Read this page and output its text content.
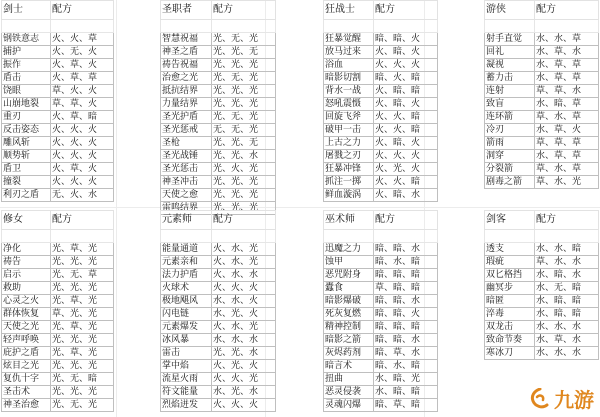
剑士	配方

钢铁意志	火、火、草
捕护	火、无、火
振作	火、草、火
盾击	火、草、草
饶眼	草、火、火
山崩地裂	草、草、火
重刃	火、草、暗
反击姿态	火、火、火
雕风斩	火、火、火
顺势斩	火、火、火
盾卫	火、草、火
撞裂	火、火、火
利刃之盾	无、火、水
圣职者	配方

智慧祝福	光、无、光
神圣之盾	光、光、无
祷告祝福	光、光、光
治愈之光	光、无、光
抵抗结界	光、光、光
力量结界	光、光、光
圣光护盾	光、无、光
圣光惩戒	无、无、光
圣枪	光、光、无
圣光战锤	光、光、水
圣光惩击	光、火、光
神圣冲击	光、光、光
天使之愈	光、光、光
雷鸣结界	光、光、光
狂战士	配方

狂暴觉醒	暗、暗、火
放马过来	火、暗、火
浴血	火、火、火
暗影切割	暗、火、暗
背水一战	火、暗、暗
怒吼震慑	火、暗、火
回旋飞斧	火、火、暗
破甲一击	火、火、暗
上古之力	火、暗、火
屠戮之刃	火、火、火
狂暴冲锋	火、光、火
抓注一掷	火、火、暗
鲜血漩涡	火、暗、水
游侠	配方

射手直觉	水、水、草
回礼	水、草、水
凝视	水、草、草
蓄力击	水、草、草
连射	草、草、水
致盲	水、暗、草
连环箭	草、水、草
冷刃	水、草、火
箭雨	草、草、草
洞穿	水、草、草
分裂箭	草、水、草
剧毒之箭	草、水、光
修女	配方

净化	光、草、光
祷告	光、光、光
启示	光、无、草
救助	光、光、光
心灵之火	光、草、光
群体恢复	草、光、光
天使之光	光、草、光
轻声呼唤	光、光、光
庇护之盾	光、草、光
炫目之光	光、光、光
复仇十字	光、无、暗
圣击术	光、光、光
神圣治愈	光、无、光
元素师	配方

能量通道	火、水、光
元素亲和	火、水、光
法力护盾	火、水、水
火球术	火、火、火
极地飓风	水、水、火
闪电链	水、光、火
元素爆发	火、水、光
冰风暴	水、水、水
雷击	光、光、水
掌中焰	火、光、火
流星火雨	火、火、光
符文能量	水、光、水
烈焰迸发	火、火、火
巫术师	配方

迅魔之力	暗、暗、水
蚀甲	暗、水、暗
恶咒附身	暗、暗、暗
蠹食	草、暗、暗
暗影爆破	暗、暗、水
死灰复燃	暗、暗、火
精神控制	暗、暗、暗
暗影之箭	暗、暗、水
灰烬药剂	暗、草、水
暗言术	暗、水、暗
扭曲	水、暗、光
恶灵侵袭	水、暗、暗
灵魂闪爆	暗、草、暗
剑客	配方

透支	水、水、暗
瑕疵	草、水、水
双匕格挡	水、暗、水
幽冥步	水、无、暗
暗匿	水、暗、暗
淬毒	水、暗、暗
双龙击	水、水、水
致命节奏	水、草、水
寒冰刀	水、水、水
九游
